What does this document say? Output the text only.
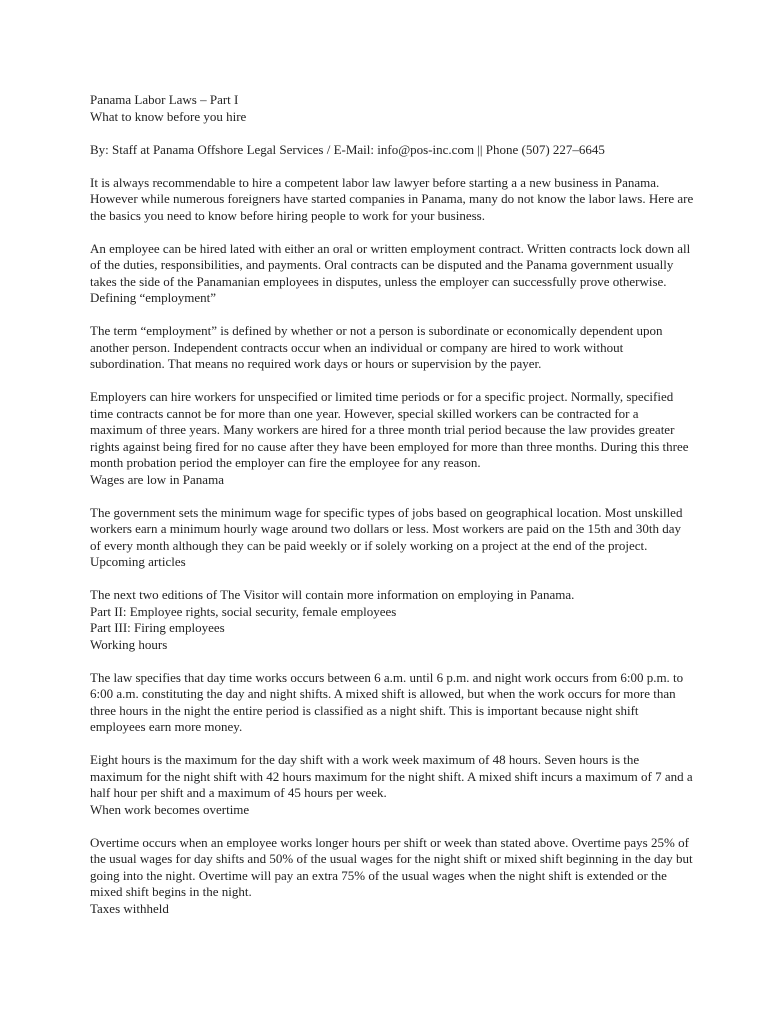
Panama Labor Laws – Part I

What to know before you hire

By: Staff at Panama Offshore Legal Services / E-Mail: info@pos-inc.com || Phone (507) 227–6645

It is always recommendable to hire a competent labor law lawyer before starting a a new business in Panama. However while numerous foreigners have started companies in Panama, many do not know the labor laws. Here are the basics you need to know before hiring people to work for your business.

An employee can be hired lated with either an oral or written employment contract. Written contracts lock down all of the duties, responsibilities, and payments. Oral contracts can be disputed and the Panama government usually takes the side of the Panamanian employees in disputes, unless the employer can successfully prove otherwise.

Defining “employment”

The term “employment” is defined by whether or not a person is subordinate or economically dependent upon another person. Independent contracts occur when an individual or company are hired to work without subordination. That means no required work days or hours or supervision by the payer.

Employers can hire workers for unspecified or limited time periods or for a specific project. Normally, specified time contracts cannot be for more than one year. However, special skilled workers can be contracted for a maximum of three years. Many workers are hired for a three month trial period because the law provides greater rights against being fired for no cause after they have been employed for more than three months. During this three month probation period the employer can fire the employee for any reason.

Wages are low in Panama

The government sets the minimum wage for specific types of jobs based on geographical location. Most unskilled workers earn a minimum hourly wage around two dollars or less. Most workers are paid on the 15th and 30th day of every month although they can be paid weekly or if solely working on a project at the end of the project.

Upcoming articles

The next two editions of The Visitor will contain more information on employing in Panama.

Part II: Employee rights, social security, female employees

Part III: Firing employees

Working hours

The law specifies that day time works occurs between 6 a.m. until 6 p.m. and night work occurs from 6:00 p.m. to 6:00 a.m. constituting the day and night shifts. A mixed shift is allowed, but when the work occurs for more than three hours in the night the entire period is classified as a night shift. This is important because night shift employees earn more money.

Eight hours is the maximum for the day shift with a work week maximum of 48 hours. Seven hours is the maximum for the night shift with 42 hours maximum for the night shift. A mixed shift incurs a maximum of 7 and a half hour per shift and a maximum of 45 hours per week.

When work becomes overtime

Overtime occurs when an employee works longer hours per shift or week than stated above. Overtime pays 25% of the usual wages for day shifts and 50% of the usual wages for the night shift or mixed shift beginning in the day but going into the night. Overtime will pay an extra 75% of the usual wages when the night shift is extended or the mixed shift begins in the night.

Taxes withheld
